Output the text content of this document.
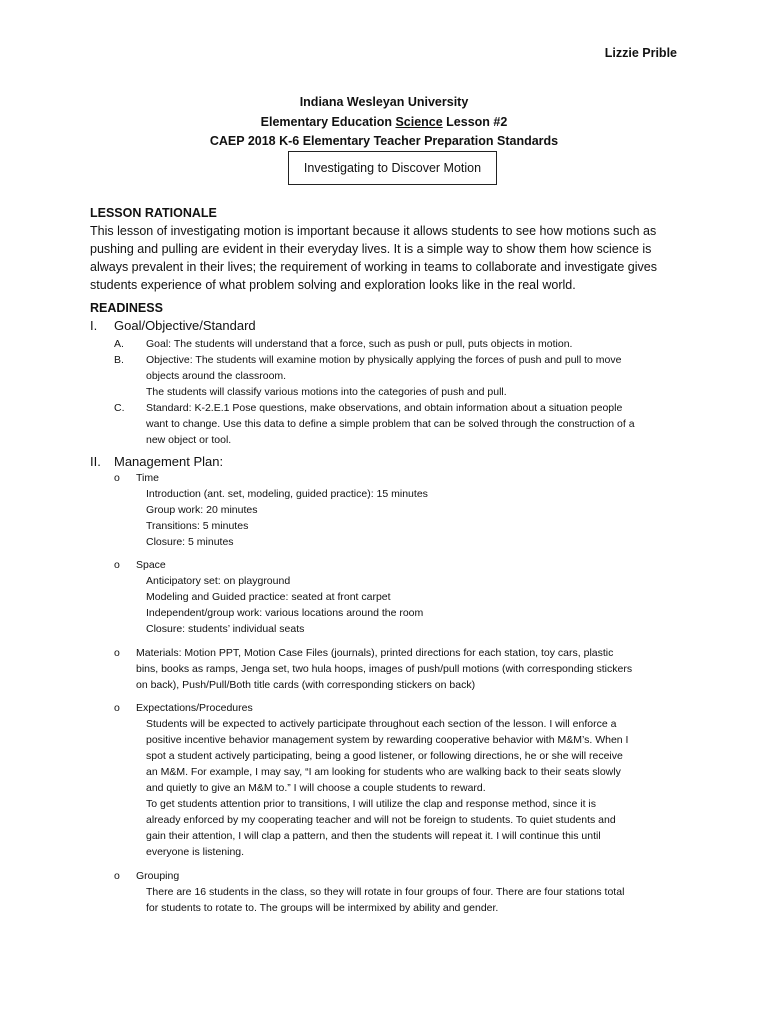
Lizzie Prible
Indiana Wesleyan University
Elementary Education Science Lesson #2
CAEP 2018 K-6 Elementary Teacher Preparation Standards
Investigating to Discover Motion
LESSON RATIONALE
This lesson of investigating motion is important because it allows students to see how motions such as
pushing and pulling are evident in their everyday lives. It is a simple way to show them how science is
always prevalent in their lives; the requirement of working in teams to collaborate and investigate gives
students experience of what problem solving and exploration looks like in the real world.
READINESS
I. Goal/Objective/Standard
A. Goal: The students will understand that a force, such as push or pull, puts objects in motion.
B. Objective: The students will examine motion by physically applying the forces of push and pull to move
objects around the classroom.
The students will classify various motions into the categories of push and pull.
C. Standard: K-2.E.1 Pose questions, make observations, and obtain information about a situation people
want to change. Use this data to define a simple problem that can be solved through the construction of a
new object or tool.
II. Management Plan:
o Time
Introduction (ant. set, modeling, guided practice): 15 minutes
Group work: 20 minutes
Transitions: 5 minutes
Closure: 5 minutes
o Space
Anticipatory set: on playground
Modeling and Guided practice: seated at front carpet
Independent/group work: various locations around the room
Closure: students’ individual seats
o Materials: Motion PPT, Motion Case Files (journals), printed directions for each station, toy cars, plastic
bins, books as ramps, Jenga set, two hula hoops, images of push/pull motions (with corresponding stickers
on back), Push/Pull/Both title cards (with corresponding stickers on back)
o Expectations/Procedures
Students will be expected to actively participate throughout each section of the lesson. I will enforce a
positive incentive behavior management system by rewarding cooperative behavior with M&M’s. When I
spot a student actively participating, being a good listener, or following directions, he or she will receive
an M&M. For example, I may say, “I am looking for students who are walking back to their seats slowly
and quietly to give an M&M to.” I will choose a couple students to reward.
To get students attention prior to transitions, I will utilize the clap and response method, since it is
already enforced by my cooperating teacher and will not be foreign to students. To quiet students and
gain their attention, I will clap a pattern, and then the students will repeat it. I will continue this until
everyone is listening.
o Grouping
There are 16 students in the class, so they will rotate in four groups of four. There are four stations total
for students to rotate to. The groups will be intermixed by ability and gender.
